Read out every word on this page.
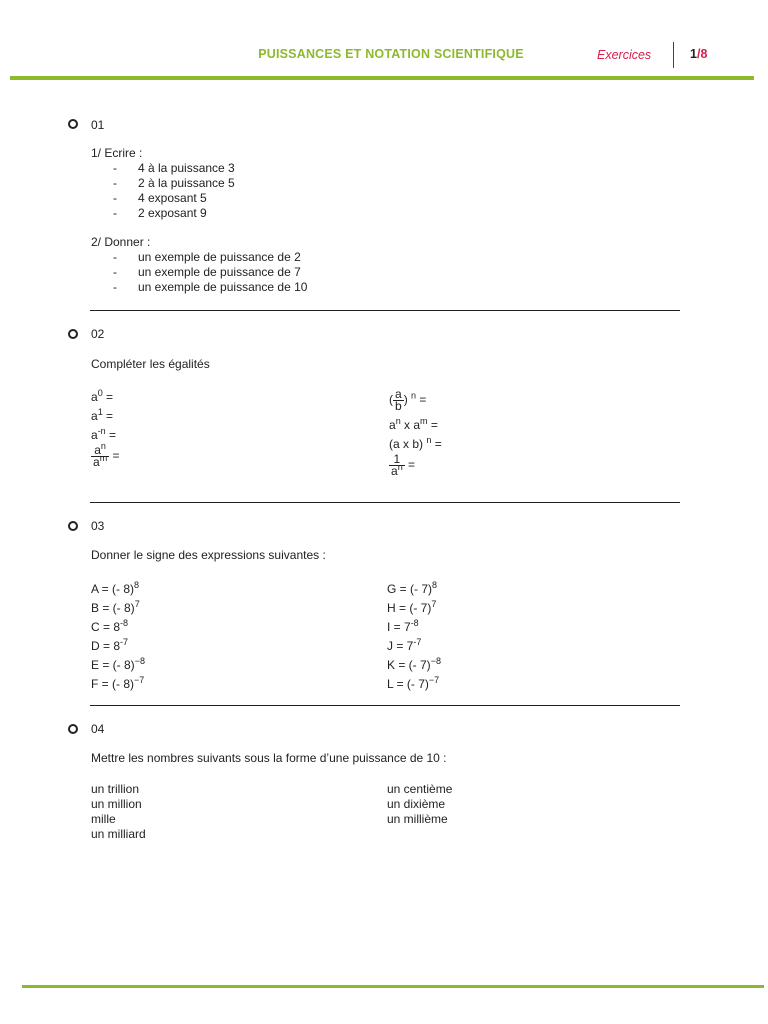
PUISSANCES ET NOTATION SCIENTIFIQUE	Exercices	1/8
01
1/ Ecrire :
- 4 à la puissance 3
- 2 à la puissance 5
- 4 exposant 5
- 2 exposant 9
2/ Donner :
- un exemple de puissance de 2
- un exemple de puissance de 7
- un exemple de puissance de 10
02
Compléter les égalités
$a^0$ =
$a^1$ =
$a^{-n}$ =
$\frac{a^n}{a^m}$ =
( $\frac{a}{b}$ ) $^n$ =
$a^n$ x $a^m$ =
(a x b) $^n$ =
$\frac{1}{a^n}$ =
03
Donner le signe des expressions suivantes :
A = (- 8)$^8$
B = (- 8)$^7$
$C = 8^{-8}$
$D = 8^{-7}$
E = (- 8)$^{-8}$
F = (- 8)$^{-7}$
G = (- 7)$^8$
H = (- 7)$^7$
$I = 7^{-8}$
$J = 7^{-7}$
K = (- 7)$^{-8}$
L = (- 7)$^{-7}$
04
Mettre les nombres suivants sous la forme d’une puissance de 10 :
un trillion
un million
mille
un milliard
un centième
un dixième
un millième
